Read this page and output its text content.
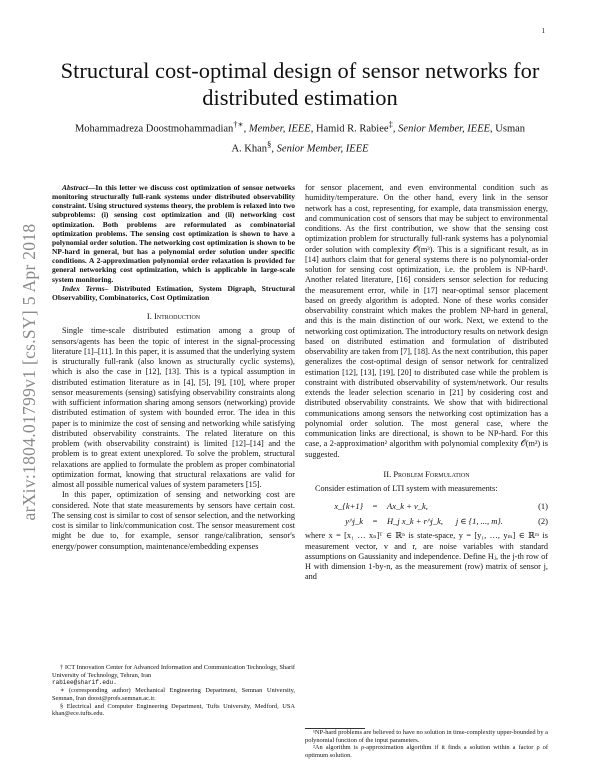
1
arXiv:1804.01799v1 [cs.SY] 5 Apr 2018
Structural cost-optimal design of sensor networks for distributed estimation
Mohammadreza Doostmohammadian†∗, Member, IEEE, Hamid R. Rabiee‡, Senior Member, IEEE, Usman A. Khan§, Senior Member, IEEE

Abstract—In this letter we discuss cost optimization of sensor networks monitoring structurally full-rank systems under distributed observability constraint. Using structured systems theory, the problem is relaxed into two subproblems: (i) sensing cost optimization and (ii) networking cost optimization. Both problems are reformulated as combinatorial optimization problems. The sensing cost optimization is shown to have a polynomial order solution. The networking cost optimization is shown to be NP-hard in general, but has a polynomial order solution under specific conditions. A 2-approximation polynomial order relaxation is provided for general networking cost optimization, which is applicable in large-scale system monitoring.

Index Terms– Distributed Estimation, System Digraph, Structural Observability, Combinatorics, Cost Optimization

I. Introduction

Single time-scale distributed estimation among a group of sensors/agents has been the topic of interest in the signal-processing literature [1]–[11]. In this paper, it is assumed that the underlying system is structurally full-rank (also known as structurally cyclic systems), which is also the case in [12], [13]. This is a typical assumption in distributed estimation literature as in [4], [5], [9], [10], where proper sensor measurements (sensing) satisfying observability constraints along with sufficient information sharing among sensors (networking) provide distributed estimation of system with bounded error. The idea in this paper is to minimize the cost of sensing and networking while satisfying distributed observability constraints. The related literature on this problem (with observability constraint) is limited [12]–[14] and the problem is to great extent unexplored. To solve the problem, structural relaxations are applied to formulate the problem as proper combinatorial optimization format, knowing that structural relaxations are valid for almost all possible numerical values of system parameters [15].

In this paper, optimization of sensing and networking cost are considered. Note that state measurements by sensors have certain cost. The sensing cost is similar to cost of sensor selection, and the networking cost is similar to link/communication cost. The sensor measurement cost might be due to, for example, sensor range/calibration, sensor's energy/power consumption, maintenance/embedding expenses

† ICT Innovation Center for Advanced Information and Communication Technology, Sharif University of Technology, Tehran, Iran

rabiee@sharif.edu.

∗ (corresponding author) Mechanical Engineering Department, Semnan University, Semnan, Iran doost@profs.semnan.ac.ir.

§ Electrical and Computer Engineering Department, Tufts University, Medford, USA khan@ece.tufts.edu.

for sensor placement, and even environmental condition such as humidity/temperature. On the other hand, every link in the sensor network has a cost, representing, for example, data transmission energy, and communication cost of sensors that may be subject to environmental conditions. As the first contribution, we show that the sensing cost optimization problem for structurally full-rank systems has a polynomial order solution with complexity 𝒪(m³). This is a significant result, as in [14] authors claim that for general systems there is no polynomial-order solution for sensing cost optimization, i.e. the problem is NP-hard¹. Another related literature, [16] considers sensor selection for reducing the measurement error, while in [17] near-optimal sensor placement based on greedy algorithm is adopted. None of these works consider observability constraint which makes the problem NP-hard in general, and this is the main distinction of our work. Next, we extend to the networking cost optimization. The introductory results on network design based on distributed estimation and formulation of distributed observability are taken from [7], [18]. As the next contribution, this paper generalizes the cost-optimal design of sensor network for centralized estimation [12], [13], [19], [20] to distributed case while the problem is constraint with distributed observability of system/network. Our results extends the leader selection scenario in [21] by cosidering cost and distributed observability constraints. We show that with bidirectional communications among sensors the networking cost optimization has a polynomial order solution. The most general case, where the communication links are directional, is shown to be NP-hard. For this case, a 2-approximation² algorithm with polynomial complexity 𝒪(m²) is suggested.

II. Problem Formulation

Consider estimation of LTI system with measurements:

x_{k+1}	=	Ax_k + v_k,	(1)
y^j_k	=	H_j x_k + r^j_k, j ∈ {1, ..., m}.	(2)

where x = [x₁ … xₙ]ᵀ ∈ ℝⁿ is state-space, y = [y₁, …, yₘ] ∈ ℝᵐ is measurement vector, v and r, are noise variables with standard assumptions on Gaussianity and independence. Define Hⱼ, the j-th row of H with dimension 1-by-n, as the measurement (row) matrix of sensor j, and

¹NP-hard problems are believed to have no solution in time-complexity upper-bounded by a polynomial function of the input parameters.

²An algorithm is ρ-approximation algorithm if it finds a solution within a factor ρ of optimum solution.
